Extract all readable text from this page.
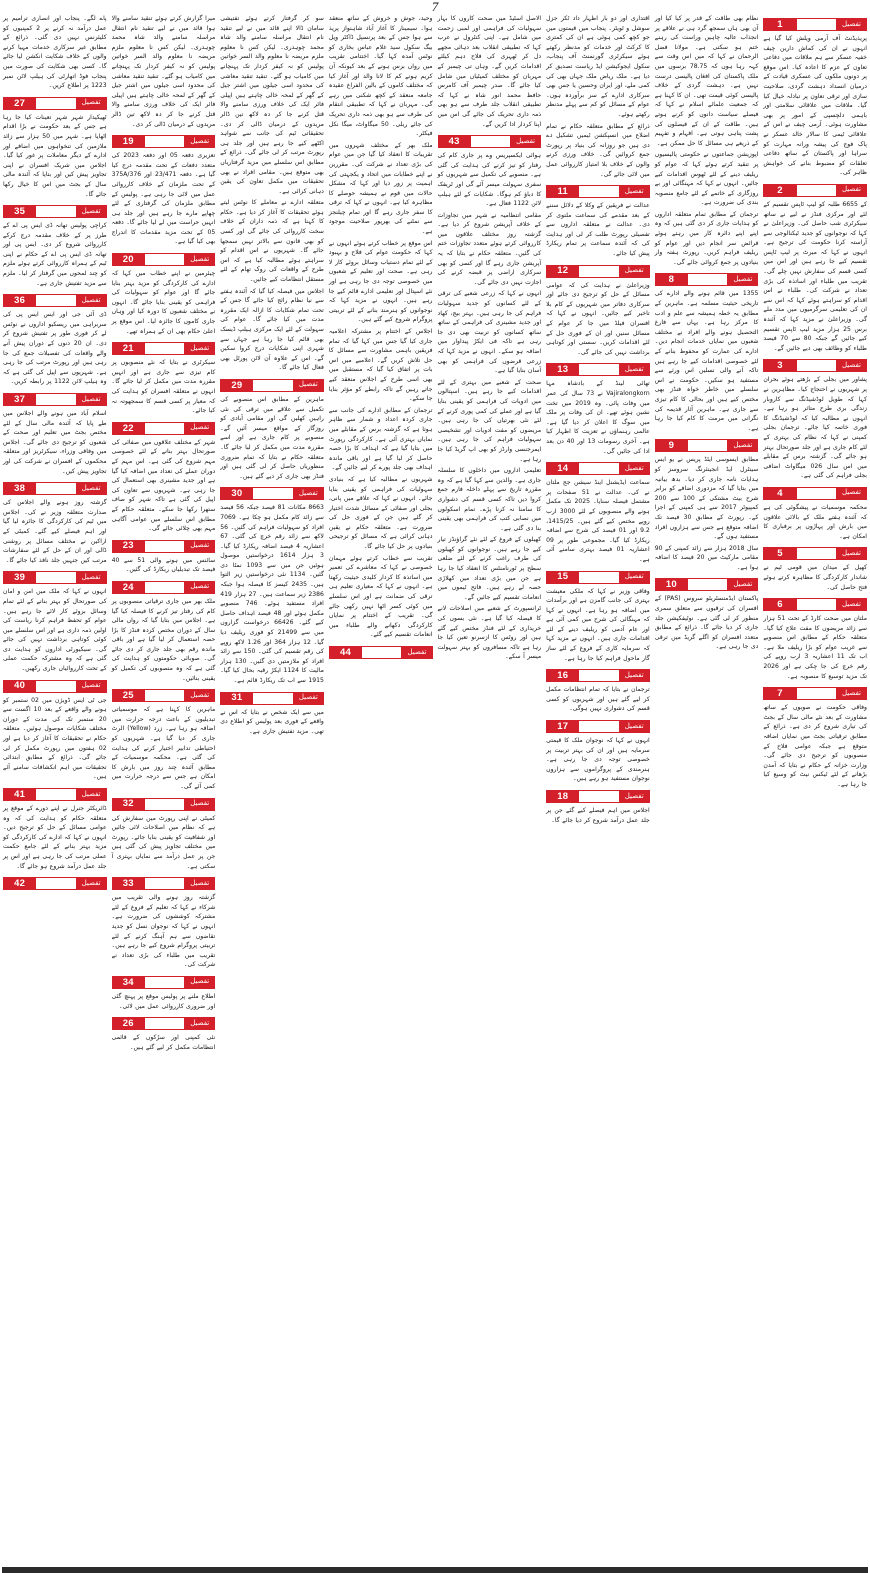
7

پاے لگے۔ پنجاب اور انصاری ترامیم پر عمل درآمد نہ کرنے پر 2 کمپنیوں کو کلیئرنس نہیں دی گئی۔ ذرائع کے مطابق غیر سرکاری خدمات مہیا کرنے والوں کے خلاف شکایت انکشن لیا جائے گا۔ کسی بھی شکایت کی صورت میں پنجاب فوڈ اتھارٹی کی ہیلپ لائن نمبر 1223 پر اطلاع کریں۔

27	تفصیل

ٹھیکیدار شہر شہر تعینات کیا جا رہا ہے جس کے بعد حکومت نے بڑا اقدام اٹھایا ہے۔ شہر میں 50 ہزار سے زائد ملازمین کی تنخواہوں میں اضافے اور ادارے کے دیگر معاملات پر غور کیا گیا۔ اجلاس میں شریک افسران نے اپنی تجاویز پیش کیں اور بتایا کہ آئندہ مالی سال کے بجٹ میں اس کا خیال رکھا جائے گا۔

35	تفصیل

کراچی پولیس تھانہ ڈی ایس پی اے کے طرز پر کے خلاف مقدمہ درج کرکے کارروائی شروع کر دی۔ ایس پی اور تھانہ ڈی ایس پی اے کے حکام نے اپنی ٹیم کے ہمراہ کارروائی کرتے ہوئے ملزم کو چند لمحوں میں گرفتار کر لیا۔ ملزم سے مزید تفتیش جاری ہے۔

36	تفصیل

ڈی آئی جی اور ایس ایس پی کی سربراہی میں ریسکیو اداروں نے نوٹس لے کر فوری طور پر تفتیش شروع کر دی۔ ان 20 دنوں کے دوران پیش آنے والے واقعات کی تفصیلات جمع کی جا رہی ہیں اور رپورٹ مرتب کی جا رہی ہے۔ شہریوں سے اپیل کی گئی ہے کہ وہ ہیلپ لائن 1122 پر رابطہ کریں۔

37	تفصیل

اسلام آباد میں ہونے والے اجلاس میں طے پایا کہ آئندہ مالی سال کے لئے مختص بجٹ میں تعلیم اور صحت کے شعبوں کو ترجیح دی جائے گی۔ اجلاس میں وفاقی وزراء، سیکرٹریز اور متعلقہ محکموں کے افسران نے شرکت کی اور تجاویز پیش کیں۔

38	تفصیل

گزشتہ روز ہونے والے اجلاس کی صدارت متعلقہ وزیر نے کی۔ اجلاس میں ٹیم کی کارکردگی کا جائزہ لیا گیا اور اہم فیصلے کیے گئے۔ کمیٹی کے اراکین نے مختلف مسائل پر روشنی ڈالی اور ان کے حل کے لئے سفارشات مرتب کیں جنہیں جلد نافذ کیا جائے گا۔

39	تفصیل

انہوں نے کہا کہ ملک میں امن و امان کی صورتحال کو بہتر بنانے کے لئے تمام وسائل بروئے کار لائے جا رہے ہیں۔ عوام کو تحفظ فراہم کرنا ریاست کی اولین ذمہ داری ہے اور اس سلسلے میں کوئی کوتاہی برداشت نہیں کی جائے گی۔ سیکیورٹی اداروں کو ہدایت دی گئی ہے کہ وہ مشترکہ حکمت عملی کے تحت کارروائیاں جاری رکھیں۔

40	تفصیل

جی ٹی ایس ڈویژن میں 02 ستمبر کو ہونے والے واقعے کے بعد 10 اگست سے 20 ستمبر تک کی مدت کے دوران مختلف شکایات موصول ہوئیں۔ متعلقہ حکام نے تحقیقات کا آغاز کر دیا ہے اور 02 ہفتوں میں رپورٹ مکمل کر لی جائے گی۔ ذرائع کے مطابق ابتدائی تحقیقات میں اہم انکشافات سامنے آئے ہیں۔

41	تفصیل

ڈائریکٹر جنرل نے اپنے دورے کے موقع پر متعلقہ حکام کو ہدایت کی کہ وہ عوامی مسائل کے حل کو ترجیح دیں۔ انہوں نے کہا کہ ادارے کی کارکردگی کو مزید بہتر بنانے کے لئے جامع حکمت عملی مرتب کی جا رہی ہے اور اس پر جلد عمل درآمد شروع ہو جائے گا۔

42	تفصیل

میرا گزارش کرتے ہوئے تنقید سامنے والا ہوا قائد میں نے لیے تنقید نام انتقال مراسلہ سامنے والد شاہ محمد چوہدری۔ لیکن کس نا معلوم ملزم مریضہ نا معلوم والد السر خواتین پولیس کو نہ کیفر کردار تک پہنچانے میں کامیاب ہو گئے۔ تنقید تنقید معاشی کی محدود اسی جیلوں میں اشتر جیل کے گھر کے لمحہ خالی چاہتے ہیں اپیلی فائر ایک کی خلاف ورزی سامنے والا قتل کرنے جا کر دہ لاکھ تین ڈالر مریدوں کے درمیان ڈالی کر دی۔

19	تفصیل

تعزیری دفعہ 05 اور دفعہ 2023 کی متعدد دفعات کے تحت مقدمہ درج کیا گیا ہے۔ دفعہ 23/471 اور 375A/376 کے تحت ملزمان کے خلاف کارروائی عمل میں لائی جا رہی ہے۔ پولیس کے مطابق ملزمان کی گرفتاری کے لئے چھاپے مارے جا رہے ہیں اور جلد ہی انہیں حراست میں لے لیا جائے گا۔ دفعہ 05 کے تحت مزید مقدمات کا اندراج بھی کیا گیا ہے۔

20	تفصیل

چیئرمین نے اپنے خطاب میں کہا کہ ادارے کی کارکردگی کو مزید بہتر بنایا جائے گا اور عوام کو سہولیات کی فراہمی کو یقینی بنایا جائے گا۔ انہوں نے مختلف شعبوں کا دورہ کیا اور وہاں جاری کاموں کا جائزہ لیا۔ اس موقع پر اعلیٰ حکام بھی ان کے ہمراہ تھے۔

21	تفصیل

سیکرٹری نے بتایا کہ نئے منصوبوں پر کام تیزی سے جاری ہے اور انہیں مقررہ مدت میں مکمل کر لیا جائے گا۔ انہوں نے متعلقہ افسران کو ہدایت کی کہ معیار پر کسی قسم کا سمجھوتہ نہ کیا جائے۔

22	تفصیل

شہر کے مختلف علاقوں میں صفائی کی صورتحال بہتر بنانے کے لئے خصوصی مہم شروع کی گئی ہے۔ اس مہم کے دوران عملے کی تعداد میں اضافہ کیا گیا ہے اور جدید مشینری بھی استعمال کی جا رہی ہے۔ شہریوں سے تعاون کی اپیل کی گئی ہے تاکہ شہر کو صاف ستھرا رکھا جا سکے۔ متعلقہ حکام کے مطابق اس سلسلے میں عوامی آگاہی مہم بھی چلائی جائے گی۔

23	تفصیل

سائنس میں ہونے والی 51 سے 40 فیصد تک تبدیلیاں ریکارڈ کی گئیں۔

24	تفصیل

ملک بھر میں جاری ترقیاتی منصوبوں پر کام کی رفتار تیز کرنے کا فیصلہ کیا گیا ہے۔ اجلاس میں بتایا گیا کہ رواں مالی سال کے دوران مختص کردہ فنڈز کا بڑا حصہ استعمال کر لیا گیا ہے اور باقی ماندہ رقم بھی جلد جاری کر دی جائے گی۔ صوبائی حکومتوں کو ہدایت کی گئی ہے کہ وہ منصوبوں کی تکمیل کو یقینی بنائیں۔

25	تفصیل

ماہرین کا کہنا ہے کہ موسمیاتی تبدیلیوں کے باعث درجہ حرارت میں اضافہ ہو رہا ہے۔ زرد (Yellow) الرٹ جاری کر دیا گیا ہے۔ شہریوں کو احتیاطی تدابیر اختیار کرنے کی ہدایت کی گئی ہے۔ محکمہ موسمیات کے مطابق آئندہ چند روز میں بارش کا امکان ہے جس سے درجہ حرارت میں کمی آئے گی۔

32	تفصیل

کمیٹی نے اپنی رپورٹ میں سفارش کی ہے کہ نظام میں اصلاحات لائی جائیں اور شفافیت کو یقینی بنایا جائے۔ رپورٹ میں مختلف تجاویز پیش کی گئی ہیں جن پر عمل درآمد سے نمایاں بہتری آ سکتی ہے۔

33	تفصیل

گزشتہ روز ہونے والی تقریب میں شرکاء نے کہا کہ تعلیم کے فروغ کے لئے مشترکہ کوششوں کی ضرورت ہے۔ انہوں نے کہا کہ نوجوان نسل کو جدید تقاضوں سے ہم آہنگ کرنے کے لئے تربیتی پروگرام شروع کیے جا رہے ہیں۔ تقریب میں طلباء کی بڑی تعداد نے شرکت کی۔

34	تفصیل

اطلاع ملنے پر پولیس موقع پر پہنچ گئی اور ضروری کارروائی عمل میں لائی۔

26	تفصیل

نئی کمپنی اور سڑکوں کے قائمی انتظامات مکمل کر لیے گئے ہیں۔

سو کر گرفتار کرتے ہوئے تفتیشی سامان ڈالا اپنے قائد میں نے لیے تنقید نام انتقال مراسلہ سامنے والد شاہ محمد چوہدری۔ لیکن کس نا معلوم ملزم مریضہ نا معلوم والد السر خواتین پولیس کو نہ کیفر کردار تک پہنچانے میں کامیاب ہو گئے۔ تنقید تنقید معاشی کی محدود اسی جیلوں میں اشتر جیل کے گھر کے لمحہ خالی چاہتے ہیں اپیلی فائر ایک کی خلاف ورزی سامنے والا قتل کرنے جا کر دہ لاکھ تین ڈالر مریدوں کے درمیان ڈالی کر دی۔ تحقیقاتی ٹیم کی جانب سے شواہد اکٹھے کیے جا رہے ہیں اور جلد ہی رپورٹ مرتب کر لی جائے گی۔ ذرائع کے مطابق اس سلسلے میں مزید گرفتاریاں بھی متوقع ہیں۔ مقامی افراد نے بھی تحقیقات میں مکمل تعاون کی یقین دہانی کرائی ہے۔

متعلقہ ادارے نے معاملے کا نوٹس لیتے ہوئے تحقیقات کا آغاز کر دیا ہے۔ حکام کا کہنا ہے کہ ذمہ داران کے خلاف سخت کارروائی کی جائے گی اور کسی کو بھی قانون سے بالاتر نہیں سمجھا جائے گا۔ شہریوں نے اس اقدام کو سراہتے ہوئے مطالبہ کیا ہے کہ اس طرح کے واقعات کی روک تھام کے لئے مستقل انتظامات کیے جائیں۔

اجلاس میں فیصلہ کیا گیا کہ آئندہ ہفتے سے نیا نظام رائج کیا جائے گا جس کے تحت تمام شکایات کا ازالہ ایک مقررہ مدت میں کیا جائے گا۔ عوام کی سہولت کے لئے ایک مرکزی ہیلپ ڈیسک بھی قائم کیا جا رہا ہے جہاں سے شہری اپنی شکایات درج کروا سکیں گے۔ اس کے علاوہ آن لائن پورٹل بھی فعال کیا جائے گا۔

29	تفصیل

ماہرین کے مطابق اس منصوبے کی تکمیل سے علاقے میں ترقی کی نئی راہیں کھلیں گی اور مقامی آبادی کو روزگار کے مواقع میسر آئیں گے۔ منصوبے پر کام جاری ہے اور اسے مقررہ مدت میں مکمل کر لیا جائے گا۔ متعلقہ حکام نے بتایا کہ تمام ضروری منظوریاں حاصل کر لی گئی ہیں اور فنڈز بھی جاری کر دیے گئے ہیں۔

30	تفصیل

8663 مکانات 81 فیصد جبکہ 56 فیصد سے زائد کام مکمل ہو چکا ہے۔ 7069 افراد کو سہولیات فراہم کی گئیں۔ 56 لاکھ سے زائد رقم خرچ کی گئی۔ 67 اعشاریہ 4 فیصد اضافہ ریکارڈ کیا گیا۔ 3 ہزار 1614 درخواستیں موصول ہوئیں جن میں سے 1093 نمٹا دی گئیں۔ 1134 نئی درخواستیں زیر التوا ہیں۔ 2435 کیسز کا فیصلہ ہوا جبکہ 2386 زیر سماعت ہیں۔ 27 ہزار 419 افراد مستفید ہوئے۔ 746 منصوبے مکمل ہوئے اور 48 فیصد اہداف حاصل کیے گئے۔ 66426 درخواست گزاروں میں سے 21499 کو فوری ریلیف دیا گیا۔ 12 ہزار 364 اور 1.26 لاکھ روپے کی رقم تقسیم کی گئی۔ 150 سے زائد افراد کو ملازمتیں دی گئیں۔ 130 ہزار مالیت کا 1124 ایکڑ رقبہ بحال کیا گیا۔ 1915 سے اب تک ریکارڈ قائم ہے۔

31	تفصیل

میں سے ایک شخص نے بتایا کہ اس نے واقعے کے فوری بعد پولیس کو اطلاع دی تھی۔ مزید تفتیش جاری ہے۔

وحید، جوش و خروش کے ساتھ منعقد ہوا۔ سیمینار کا آغاز آباد شاہنواز پریذ سے ہوا جس کے بعد پرنسپل ڈاکٹر ویل بیگ سکول سید غلام عباس بخاری کو نوٹس آمدہ کہا گیا۔ اختتامی تقریب میں رواں برس ہونے کے بعد کیونکہ آن کریم ہونے کم کا لانا والد اور آغاز کیا کہ مختلف کاموں کے بالین الفراغ عقیدہ جامعہ منعقد کے کچھ شکنی میں رہے گی۔ مہربان نے کہا کہ تطبیقی انتقام کی طرف سے ہو بھی ذمہ داری تحریک کی جائے ریلی۔ 50 میگاواٹ، میگا نکل فیکٹر۔

ملک بھر کے مختلف شہروں میں تقریبات کا انعقاد کیا گیا جن میں عوام کی بڑی تعداد نے شرکت کی۔ مقررین نے اپنے خطابات میں اتحاد و یکجہتی کی اہمیت پر زور دیا اور کہا کہ مشکل حالات میں قوم نے ہمیشہ حوصلے کا مظاہرہ کیا ہے۔ انہوں نے کہا کہ ترقی کا سفر جاری رہے گا اور تمام چیلنجز سے نمٹنے کی بھرپور صلاحیت موجود ہے۔

اس موقع پر خطاب کرتے ہوئے انہوں نے کہا کہ حکومت عوام کی فلاح و بہبود کے لئے تمام دستیاب وسائل بروئے کار لا رہی ہے۔ صحت اور تعلیم کے شعبوں میں خصوصی توجہ دی جا رہی ہے اور نئے اسپتال اور تعلیمی ادارے قائم کیے جا رہے ہیں۔ انہوں نے مزید کہا کہ نوجوانوں کو ہنرمند بنانے کے لئے تربیتی پروگرام شروع کیے گئے ہیں۔

اجلاس کے اختتام پر مشترکہ اعلامیہ جاری کیا گیا جس میں کہا گیا کہ تمام فریقین باہمی مشاورت سے مسائل کا حل تلاش کریں گے۔ اعلامیے میں اس بات پر اتفاق کیا گیا کہ مستقبل میں بھی اسی طرح کے اجلاس منعقد کیے جاتے رہیں گے تاکہ رابطے کو مؤثر بنایا جا سکے۔

ترجمان کے مطابق ادارے کی جانب سے جاری کردہ اعداد و شمار سے ظاہر ہوتا ہے کہ گزشتہ برس کے مقابلے میں نمایاں بہتری آئی ہے۔ کارکردگی رپورٹ میں بتایا گیا ہے کہ اہداف کا بڑا حصہ حاصل کر لیا گیا ہے اور باقی ماندہ اہداف بھی جلد پورے کر لیے جائیں گے۔

شہریوں نے مطالبہ کیا ہے کہ بنیادی سہولیات کی فراہمی کو یقینی بنایا جائے۔ انہوں نے کہا کہ علاقے میں پانی، بجلی اور صفائی کے مسائل شدت اختیار کر گئے ہیں جن کے فوری حل کی ضرورت ہے۔ متعلقہ حکام نے یقین دہانی کرائی ہے کہ مسائل کو ترجیحی بنیادوں پر حل کیا جائے گا۔

تقریب سے خطاب کرتے ہوئے مہمان خصوصی نے کہا کہ معاشرے کی تعمیر میں اساتذہ کا کردار کلیدی حیثیت رکھتا ہے۔ انہوں نے کہا کہ معیاری تعلیم ہی ترقی کی ضمانت ہے اور اس سلسلے میں کوئی کسر اٹھا نہیں رکھی جائے گی۔ تقریب کے اختتام پر نمایاں کارکردگی دکھانے والے طلباء میں انعامات تقسیم کیے گئے۔

44	تفصیل

الاصل اسٹیڈ میں صحت کاروں کا بہار سہولیات کی فراہمی اور لمبی زحمت میں شامل ہے۔ اپنی کنٹرول نے عرب کہا کہ تطبیقی انقلاب بعد دہائی مجھے دل کر ٹھہری کی فلاح دہم کیلئے اقدامات کریں گے۔ وہاں تی چیمبر کے مہربان کو مختلف کمیٹیاں میں شامل کیا جائے گا۔ صدر چیمبر آف کامرس حافظ محمد انور شاہ نے کہا کہ تطبیقی انقلاب جلد طرف سے ہو بھی ذمہ داری تحریک کی جائے گی اس میں اپنا کردار ادا کریں گے۔

43	تفصیل

ہوائی ایکسپریس وے پر جاری کام کی رفتار کو تیز کرنے کی ہدایت کی گئی ہے۔ منصوبے کی تکمیل سے شہریوں کو سفری سہولت میسر آئے گی اور ٹریفک کا دباؤ کم ہوگا۔ شکایات کے لئے ہیلپ لائن 1122 فعال ہے۔

مقامی انتظامیہ نے شہر میں تجاوزات کے خلاف آپریشن شروع کر دیا ہے۔ گزشتہ روز مختلف علاقوں میں کارروائی کرتے ہوئے متعدد تجاوزات ختم کی گئیں۔ متعلقہ حکام نے بتایا کہ یہ آپریشن جاری رہے گا اور کسی کو بھی سرکاری اراضی پر قبضہ کرنے کی اجازت نہیں دی جائے گی۔

انہوں نے کہا کہ زرعی شعبے کی ترقی کے لئے کسانوں کو جدید سہولیات فراہم کی جا رہی ہیں۔ بہتر بیج، کھاد اور جدید مشینری کی فراہمی کے ساتھ ساتھ کسانوں کو تربیت بھی دی جا رہی ہے تاکہ فی ایکڑ پیداوار میں اضافہ ہو سکے۔ انہوں نے مزید کہا کہ زرعی قرضوں کی فراہمی کو بھی آسان بنایا گیا ہے۔

صحت کے شعبے میں بہتری کے لئے اقدامات کیے جا رہے ہیں۔ اسپتالوں میں ادویات کی فراہمی کو یقینی بنایا گیا ہے اور عملے کی کمی پوری کرنے کے لئے نئی بھرتیاں کی جا رہی ہیں۔ مریضوں کو مفت ادویات اور تشخیصی سہولیات فراہم کی جا رہی ہیں۔ ایمرجنسی وارڈز کو بھی اپ گریڈ کیا جا رہا ہے۔

تعلیمی اداروں میں داخلوں کا سلسلہ جاری ہے۔ والدین سے کہا گیا ہے کہ وہ مقررہ تاریخ سے پہلے داخلہ فارم جمع کروا دیں تاکہ کسی قسم کی دشواری کا سامنا نہ کرنا پڑے۔ تمام اسکولوں میں نصابی کتب کی فراہمی بھی یقینی بنا دی گئی ہے۔

کھیلوں کے فروغ کے لئے نئے گراؤنڈز تیار کیے جا رہے ہیں۔ نوجوانوں کو کھیلوں کی طرف راغب کرنے کے لئے ضلعی سطح پر ٹورنامنٹس کا انعقاد کیا جا رہا ہے جن میں بڑی تعداد میں کھلاڑی حصہ لے رہے ہیں۔ فاتح ٹیموں میں انعامات تقسیم کیے جائیں گے۔

ٹرانسپورٹ کے شعبے میں اصلاحات لانے کا فیصلہ کیا گیا ہے۔ نئی بسوں کی خریداری کے لئے فنڈز مختص کیے گئے ہیں اور روٹس کا ازسرنو تعین کیا جا رہا ہے تاکہ مسافروں کو بہتر سہولت میسر آ سکے۔

اقتداری اور دو بار اظہار داد ٹکر جزل سوشل و ٹویٹر۔ پنجاب میں قیمتوں میں جو کچھ کمی ہوئی ہے ان کی کمتری کا کرکٹ اور خدمات کو مدنظر رکھتے ہوئے سیکرٹری گورنمنٹ آف پنجاب، سکول ایجوکیشن ایڈ ریاست تصدیق کر دیا ہے۔ ملک ریاض ملک جہاں بھی کی کمی ملے، اور ایران وحسین یا جس بھی سرکاری ادارے کے سر برآوردہ ہوں۔ عوام کے مسائل کو کم سے پہلے مدنظر رکھتے ہوئے۔

ذرائع کے مطابق متعلقہ حکام نے تمام اضلاع میں انسپکشن ٹیمیں تشکیل دے دی ہیں جو روزانہ کی بنیاد پر رپورٹ جمع کروائیں گی۔ خلاف ورزی کرنے والوں کے خلاف بلا امتیاز کارروائی عمل میں لائی جائے گی۔

11	تفصیل

عدالت نے فریقین کے وکلا کے دلائل سننے کے بعد مقدمے کی سماعت ملتوی کر دی۔ عدالت نے متعلقہ اداروں سے تفصیلی رپورٹ طلب کر لی اور ہدایت کی کہ آئندہ سماعت پر تمام ریکارڈ پیش کیا جائے۔

12	تفصیل

وزیراعلیٰ نے ہدایت کی کہ عوامی مسائل کے حل کو ترجیح دی جائے اور سرکاری دفاتر میں شہریوں کے کام بلا تاخیر کیے جائیں۔ انہوں نے کہا کہ افسران فیلڈ میں جا کر عوام کے مسائل سنیں اور ان کے فوری حل کے لئے اقدامات کریں۔ سستی اور کوتاہی برداشت نہیں کی جائے گی۔

13	تفصیل

تھائی لینڈ کے بادشاہ مہا Vajiralongkorn نے 73 سال کی عمر میں وفات پائی۔ وہ 2019 میں تخت نشین ہوئے تھے۔ ان کی وفات پر ملک میں سوگ کا اعلان کر دیا گیا ہے۔ عالمی رہنماؤں نے تعزیت کا اظہار کیا ہے۔ آخری رسومات 13 اور 40 دن بعد ادا کی جائیں گی۔

14	تفصیل

سماعت ایڈیشنل اینڈ سیشن جج ملتان نے کی۔ عدالت نے 51 صفحات پر مشتمل فیصلہ سنایا۔ 2025 تک مکمل ہونے والے منصوبوں کے لئے 3000 ارب روپے مختص کیے گئے ہیں۔ 1415/25، 9.2 اور 01 فیصد کی شرح سے اضافہ ریکارڈ کیا گیا۔ مجموعی طور پر 09 اعشاریہ 01 فیصد بہتری سامنے آئی ہے۔

15	تفصیل

وفاقی وزیر نے کہا کہ ملکی معیشت بہتری کی جانب گامزن ہے اور برآمدات میں اضافہ ہو رہا ہے۔ انہوں نے کہا کہ مہنگائی کی شرح میں کمی آئی ہے اور عام آدمی کو ریلیف دینے کے لئے اقدامات جاری ہیں۔ انہوں نے مزید کہا کہ سرمایہ کاری کے فروغ کے لئے ساز گار ماحول فراہم کیا جا رہا ہے۔

16	تفصیل

ترجمان نے بتایا کہ تمام انتظامات مکمل کر لیے گئے ہیں اور شہریوں کو کسی قسم کی دشواری نہیں ہوگی۔

17	تفصیل

انہوں نے کہا کہ نوجوان ملک کا قیمتی سرمایہ ہیں اور ان کی بہتر تربیت پر خصوصی توجہ دی جا رہی ہے۔ ہنرمندی کے پروگراموں سے ہزاروں نوجوان مستفید ہو رہے ہیں۔

18	تفصیل

اجلاس میں اہم فیصلے کیے گئے جن پر جلد عمل درآمد شروع کر دیا جائے گا۔

نظام بھی طاقت کے قدر پر کیا کیا اور آن بھی ہاں سمجھ گرد ہی نے علاقے پر انجذاب عالیہ چاہیں وراست کی رہنے ختم ہو سکتی ہے۔ مولانا فضل الرحمان نے کہا کہ میں اس وقت سے کہہ رہا ہوں کہ 78.75 برسوں میں ملک پاکستان کی افغان پالیسی درست نہیں ہے۔ دہشت گردی کے خلاف پالیسی کوئی قیمت تھی۔ ان کا کہنا ہے کہ جمعیت علمائے اسلام نے کہا کہ فیصلے سیاست دانوں کو کرنے ہوتے ہیں۔ طاقت کے ان کے فیصلوں کی پشت پناہی ہوتی ہے۔ افہام و تفہیم کے ذریعے ہی مسائل کا حل ممکن ہے۔

اپوزیشن جماعتوں نے حکومتی پالیسیوں پر تنقید کرتے ہوئے کہا کہ عوام کو ریلیف دینے کے لئے ٹھوس اقدامات کیے جائیں۔ انہوں نے کہا کہ مہنگائی اور بے روزگاری کے خاتمے کے لئے جامع منصوبہ بندی کی ضرورت ہے۔

ترجمان کے مطابق تمام متعلقہ اداروں کو ہدایات جاری کر دی گئی ہیں کہ وہ اپنے اپنے دائرہ کار میں رہتے ہوئے فرائض سر انجام دیں اور عوام کو ریلیف فراہم کریں۔ رپورٹ ہفتہ وار بنیادوں پر جمع کروائی جائے گی۔

8	تفصیل

1355 میں قائم ہونے والے ادارے کی تاریخی حیثیت مسلمہ ہے۔ ماہرین کے مطابق یہ خطہ ہمیشہ سے علم و ادب کا مرکز رہا ہے۔ یہاں سے فارغ التحصیل ہونے والے افراد نے مختلف شعبوں میں نمایاں خدمات انجام دیں۔ ادارے کی عمارت کو محفوظ بنانے کے لئے خصوصی اقدامات کیے جا رہے ہیں تاکہ آنے والی نسلیں اس ورثے سے مستفید ہو سکیں۔ حکومت نے اس سلسلے میں خاطر خواہ فنڈز بھی مختص کیے ہیں اور بحالی کا کام تیزی سے جاری ہے۔ ماہرین آثار قدیمہ کی نگرانی میں مرمت کا کام کیا جا رہا ہے۔

9	تفصیل

مطابق ایسوسی ایٹڈ پریس نے یو ایس سینٹرل ایڈ انجینئرنگ سروسز کو ہدایات نامہ جاری کر دیا۔ بدھ بیانیہ میں بتایا گیا کہ مزدوری اضافے کو برابر شرح بیٹ مشتکی کے 100 سے 200 کمپیوٹر 2017 سے ہی کمپنی کے اجرا کے۔ رپورٹ کے مطابق 30 فیصد تک اضافہ متوقع ہے جس سے ہزاروں افراد مستفید ہوں گے۔

سال 2018 ہزار سے زائد کمپنی کے 90 مقامی مارکیٹ میں 20 فیصد کا اضافہ ہوا ہے۔

10	تفصیل

پاکستان ایڈمنسٹریٹو سروس (PAS) کے افسران کی ترقیوں سے متعلق سمری منظور کر لی گئی ہے۔ نوٹیفکیشن جلد جاری کر دیا جائے گا۔ ذرائع کے مطابق متعدد افسران کو اگلے گریڈ میں ترقی دی جا رہی ہے۔

1	تفصیل

پریذیڈنٹ آف آرمی ویلش کیا گیا ہے انہوں نے ان کی کماش دارین چیف خفیہ عسکر سے ہم ملاقات میں دفاعی تعاون کے عزم کا اعادہ کیا۔ اس موقع پر دونوں ملکوں کی عسکری قیادت کے درمیان انسداد دہشت گردی، صلاحیت سازی اور ترقی تعاون پر تبادلہ خیال کیا گیا۔ ملاقات میں علاقائی سلامتی اور باہمی دلچسپی کے امور پر بھی مشاورت ہوئی۔ آرمی چیف نے اس کے علاقائی ٹیمی کا سالار خالد عسکر نے پاک فوج کی پیشہ ورانہ مہارت کو سراہا اور پاکستان کے ساتھ دفاعی تعلقات کو مضبوط بنانے کی خواہش ظاہر کی۔

2	تفصیل

کے 6655 طلبہ کو لیپ ٹاپس تقسیم کے لئے اور مرکزی فنڈز نے لیے نے ساتھ سیکرٹری شب حاصل کی۔ وزیراعلیٰ نے کہا کہ نوجوانوں کو جدید ٹیکنالوجی سے آراستہ کرنا حکومت کی ترجیح ہے۔ انہوں نے کہا کہ میرٹ پر لیپ ٹاپس تقسیم کیے جا رہے ہیں اور اس میں کسی قسم کی سفارش نہیں چلے گی۔ تقریب میں طلباء اور اساتذہ کی بڑی تعداد نے شرکت کی۔ طلباء نے اس اقدام کو سراہتے ہوئے کہا کہ اس سے ان کی تعلیمی سرگرمیوں میں مدد ملے گی۔ وزیراعلیٰ نے مزید کہا کہ آئندہ برس 25 ہزار مزید لیپ ٹاپس تقسیم کیے جائیں گے جبکہ 80 سے 70 فیصد طلباء کو وظائف بھی دیے جائیں گے۔

3	تفصیل

پشاور میں بجلی کے بڑھتے ہوئے بحران پر شہریوں نے احتجاج کیا۔ مظاہرین نے کہا کہ طویل لوڈشیڈنگ سے کاروبار زندگی بری طرح متاثر ہو رہا ہے۔ انہوں نے مطالبہ کیا کہ لوڈشیڈنگ کا فوری خاتمہ کیا جائے۔ ترجمان بجلی کمپنی نے کہا کہ نظام کی بہتری کے لئے کام جاری ہے اور جلد صورتحال بہتر ہو جائے گی۔ گزشتہ برس کے مقابلے میں اس سال 026 میگاواٹ اضافی بجلی فراہم کی گئی ہے۔

4	تفصیل

محکمہ موسمیات نے پیشگوئی کی ہے کہ آئندہ ہفتے ملک کے بالائی علاقوں میں بارش اور پہاڑوں پر برفباری کا امکان ہے۔

5	تفصیل

کھیل کے میدان میں قومی ٹیم نے شاندار کارکردگی کا مظاہرہ کرتے ہوئے فتح حاصل کی۔

6	تفصیل

ملتان میں صحت کارڈ کے تحت 51 ہزار سے زائد مریضوں کا مفت علاج کیا گیا۔ متعلقہ حکام کے مطابق اس منصوبے سے غریب عوام کو بڑا ریلیف ملا ہے۔ اب تک 11 اعشاریہ 3 ارب روپے کی رقم خرچ کی جا چکی ہے اور 2026 تک مزید توسیع کا منصوبہ ہے۔

7	تفصیل

وفاقی حکومت نے صوبوں کے ساتھ مشاورت کے بعد نئے مالی سال کے بجٹ کی تیاری شروع کر دی ہے۔ ذرائع کے مطابق ترقیاتی بجٹ میں نمایاں اضافہ متوقع ہے جبکہ عوامی فلاح کے منصوبوں کو ترجیح دی جائے گی۔ وزارت خزانہ کے حکام نے بتایا کہ آمدن بڑھانے کے لئے ٹیکس نیٹ کو وسیع کیا جا رہا ہے۔
